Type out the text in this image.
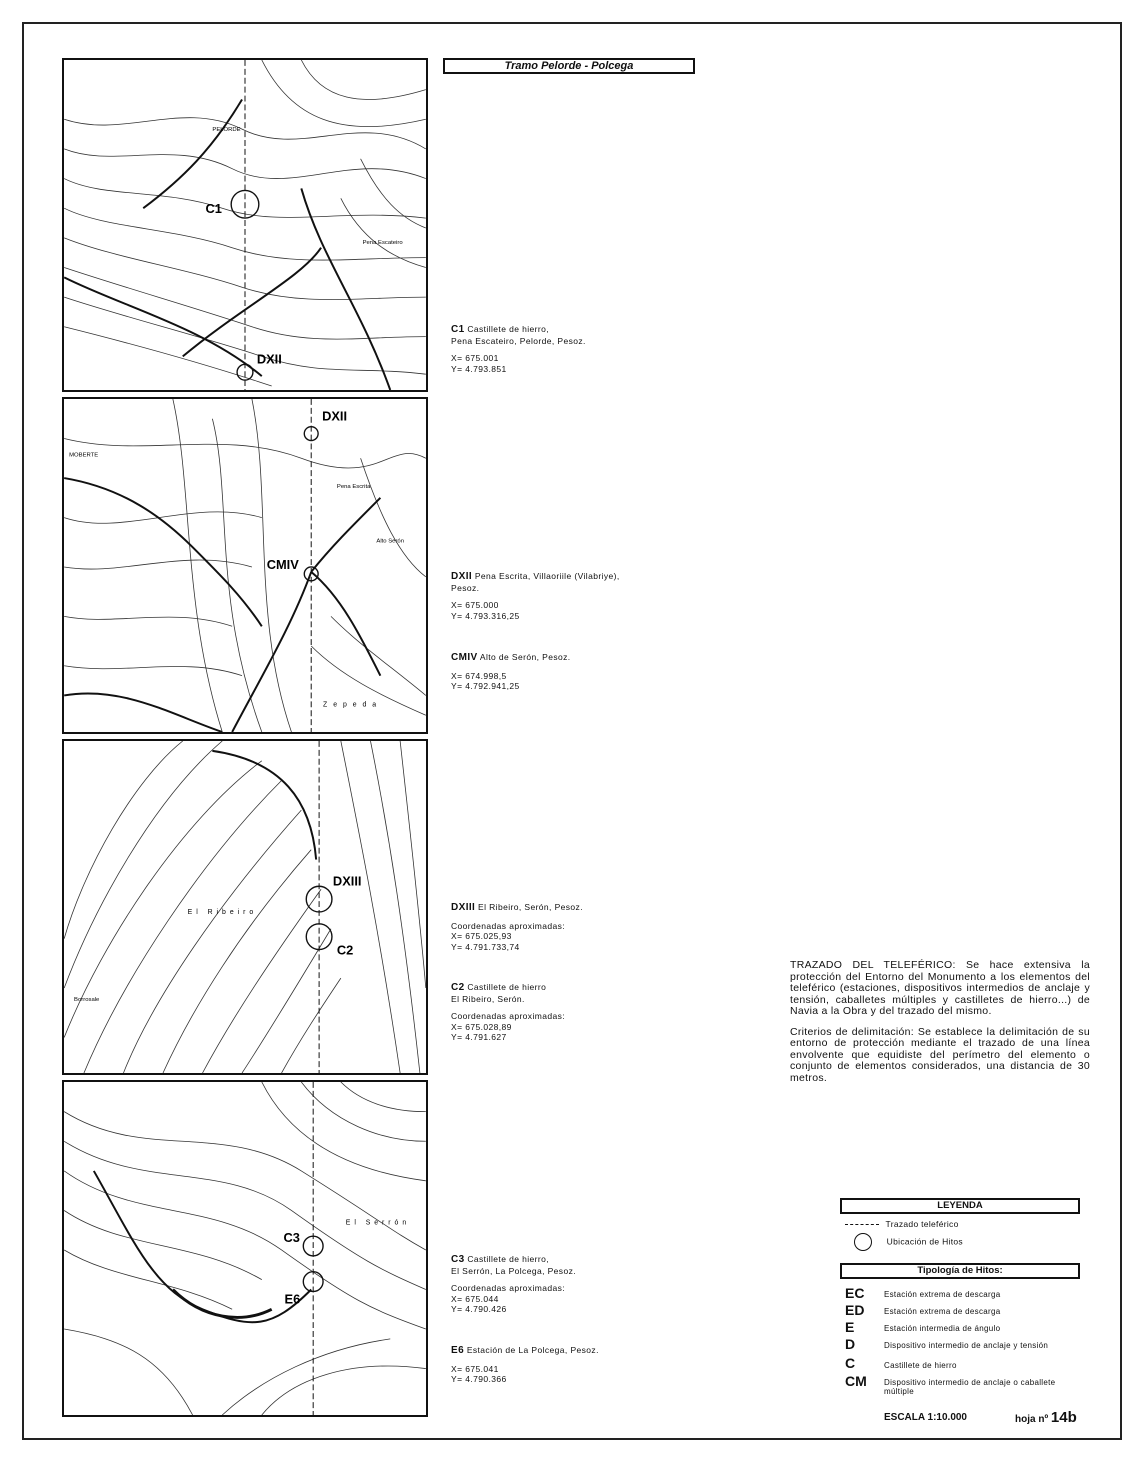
C1
DXII
PELORDE
Pena Escateiro
DXII
CMIV
MOBERTE
Pena Escrita
Alto Serón
Zepeda
DXIII
C2
El Ribeiro
Borrosale
C3
E6
El Serrón
Tramo Pelorde - Polcega

C1 Castillete de hierro,

Pena Escateiro, Pelorde, Pesoz.

X= 675.001

Y= 4.793.851

DXII Pena Escrita, Villaoriile (Vilabriye),

Pesoz.

X= 675.000

Y= 4.793.316,25

CMIV Alto de Serón, Pesoz.

X= 674.998,5

Y= 4.792.941,25

DXIII El Ribeiro, Serón, Pesoz.

Coordenadas aproximadas:

X= 675.025,93

Y= 4.791.733,74

C2 Castillete de hierro

El Ribeiro, Serón.

Coordenadas aproximadas:

X= 675.028,89

Y= 4.791.627

C3 Castillete de hierro,

El Serrón, La Polcega, Pesoz.

Coordenadas aproximadas:

X= 675.044

Y= 4.790.426

E6 Estación de La Polcega, Pesoz.

X= 675.041

Y= 4.790.366

TRAZADO DEL TELEFÉRICO: Se hace extensiva la protección del Entorno del Monumento a los elementos del teleférico (estaciones, dispositivos intermedios de anclaje y tensión, caballetes múltiples y castilletes de hierro...) de Navia a la Obra y del trazado del mismo.

Criterios de delimitación: Se establece la delimitación de su entorno de protección mediante el trazado de una línea envolvente que equidiste del perímetro del elemento o conjunto de elementos considerados, una distancia de 30 metros.

LEYENDA
Trazado teleférico
Ubicación de Hitos
Tipología de Hitos:
EC Estación extrema de descarga
ED Estación extrema de descarga
E	Estación intermedia de ángulo
D	Dispositivo intermedio de anclaje y tensión
C	Castillete de hierro
CM Dispositivo intermedio de anclaje o caballete múltiple
ESCALA 1:10.000	hoja nº 14b
